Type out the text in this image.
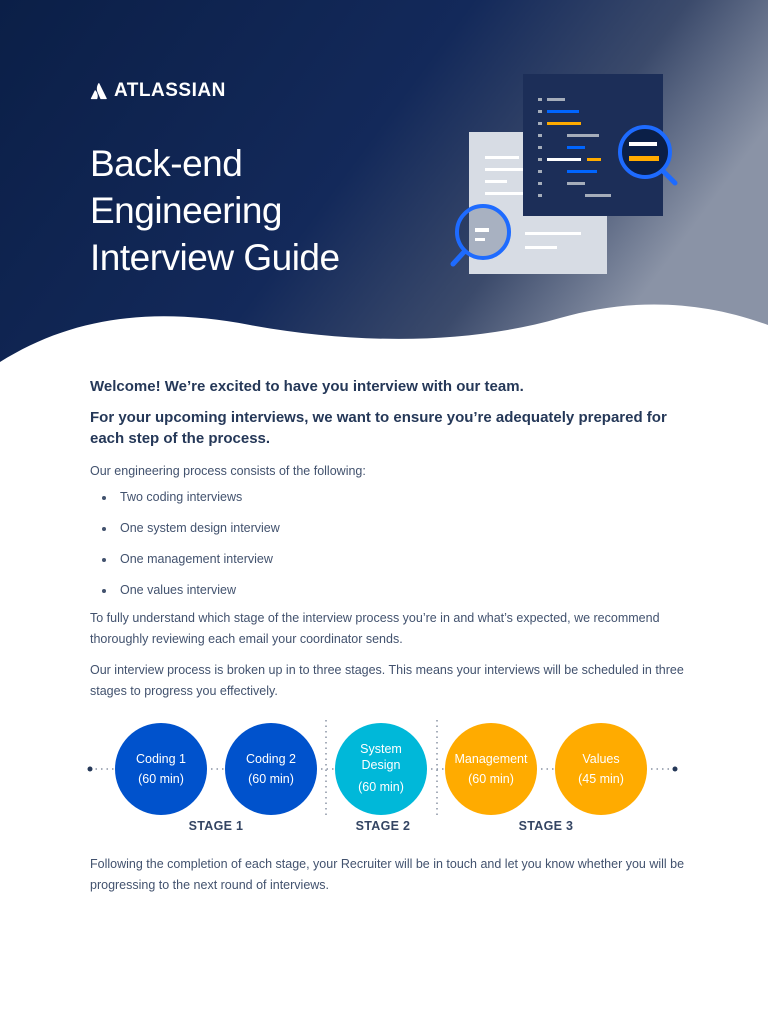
ATLASSIAN
Back-end
Engineering
Interview Guide

Welcome! We’re excited to have you interview with our team.

For your upcoming interviews, we want to ensure you’re adequately prepared for each step of the process.

Our engineering process consists of the following:

Two coding interviews
One system design interview
One management interview
One values interview

To fully understand which stage of the interview process you’re in and what’s expected, we recommend thoroughly reviewing each email your coordinator sends.

Our interview process is broken up in to three stages. This means your interviews will be scheduled in three stages to progress you effectively.

Coding 1
(60 min)
Coding 2
(60 min)
System Design
(60 min)
Management
(60 min)
Values
(45 min)
STAGE 1	STAGE 2	STAGE 3

Following the completion of each stage, your Recruiter will be in touch and let you know whether you will be progressing to the next round of interviews.
